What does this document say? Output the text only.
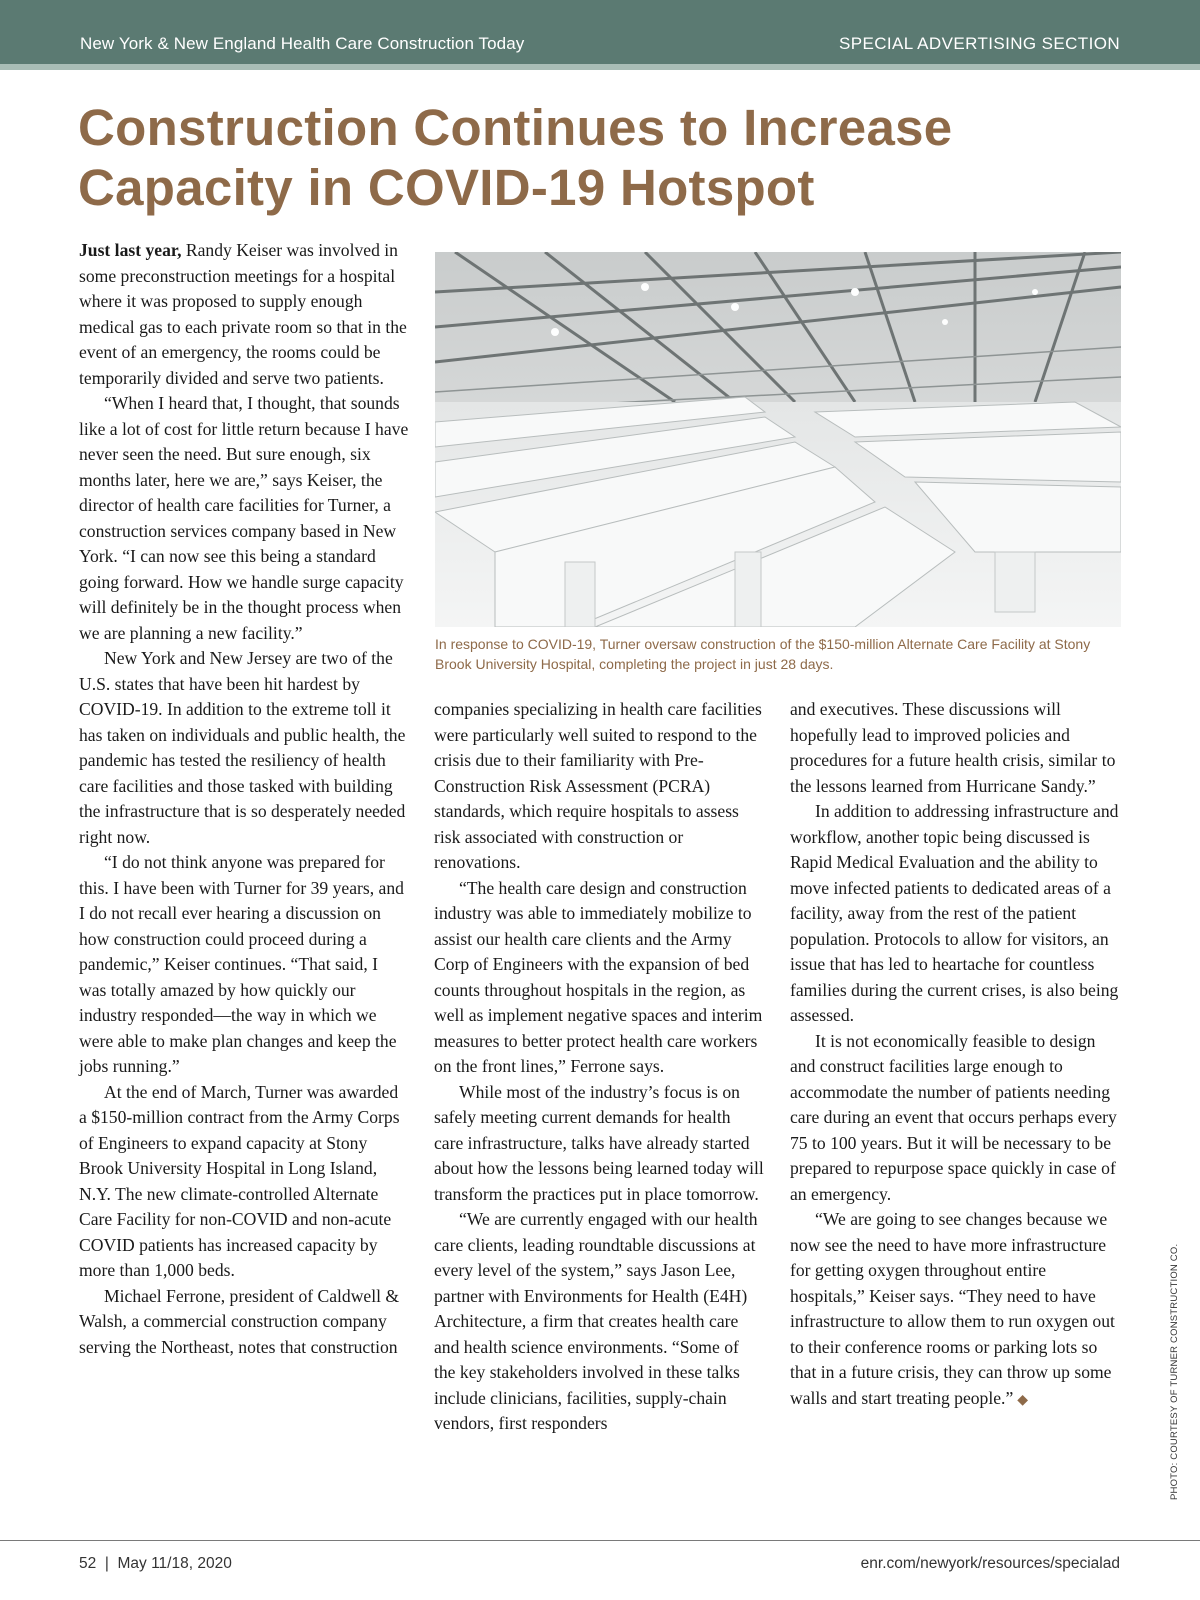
New York & New England Health Care Construction Today	SPECIAL ADVERTISING SECTION
Construction Continues to Increase Capacity in COVID-19 Hotspot

Just last year, Randy Keiser was involved in some preconstruction meetings for a hospital where it was proposed to supply enough medical gas to each private room so that in the event of an emergency, the rooms could be temporarily divided and serve two patients.

“When I heard that, I thought, that sounds like a lot of cost for little return because I have never seen the need. But sure enough, six months later, here we are,” says Keiser, the director of health care facilities for Turner, a construction services company based in New York. “I can now see this being a standard going forward. How we handle surge capacity will definitely be in the thought process when we are planning a new facility.”

New York and New Jersey are two of the U.S. states that have been hit hardest by COVID-19. In addition to the extreme toll it has taken on individuals and public health, the pandemic has tested the resiliency of health care facilities and those tasked with building the infrastructure that is so desperately needed right now.

“I do not think anyone was prepared for this. I have been with Turner for 39 years, and I do not recall ever hearing a discussion on how construction could proceed during a pandemic,” Keiser continues. “That said, I was totally amazed by how quickly our industry responded—the way in which we were able to make plan changes and keep the jobs running.”

At the end of March, Turner was awarded a $150-million contract from the Army Corps of Engineers to expand capacity at Stony Brook University Hospital in Long Island, N.Y. The new climate-controlled Alternate Care Facility for non-COVID and non-acute COVID patients has increased capacity by more than 1,000 beds.

Michael Ferrone, president of Caldwell & Walsh, a commercial construction company serving the Northeast, notes that construction

In response to COVID-19, Turner oversaw construction of the $150-million Alternate Care Facility at Stony Brook University Hospital, completing the project in just 28 days.

companies specializing in health care facilities were particularly well suited to respond to the crisis due to their familiarity with Pre-Construction Risk Assessment (PCRA) standards, which require hospitals to assess risk associated with construction or renovations.

“The health care design and construction industry was able to immediately mobilize to assist our health care clients and the Army Corp of Engineers with the expansion of bed counts throughout hospitals in the region, as well as implement negative spaces and interim measures to better protect health care workers on the front lines,” Ferrone says.

While most of the industry’s focus is on safely meeting current demands for health care infrastructure, talks have already started about how the lessons being learned today will transform the practices put in place tomorrow.

“We are currently engaged with our health care clients, leading roundtable discussions at every level of the system,” says Jason Lee, partner with Environments for Health (E4H) Architecture, a firm that creates health care and health science environments. “Some of the key stakeholders involved in these talks include clinicians, facilities, supply-chain vendors, first responders

and executives. These discussions will hopefully lead to improved policies and procedures for a future health crisis, similar to the lessons learned from Hurricane Sandy.”

In addition to addressing infrastructure and workflow, another topic being discussed is Rapid Medical Evaluation and the ability to move infected patients to dedicated areas of a facility, away from the rest of the patient population. Protocols to allow for visitors, an issue that has led to heartache for countless families during the current crises, is also being assessed.

It is not economically feasible to design and construct facilities large enough to accommodate the number of patients needing care during an event that occurs perhaps every 75 to 100 years. But it will be necessary to be prepared to repurpose space quickly in case of an emergency.

“We are going to see changes because we now see the need to have more infrastructure for getting oxygen throughout entire hospitals,” Keiser says. “They need to have infrastructure to allow them to run oxygen out to their conference rooms or parking lots so that in a future crisis, they can throw up some walls and start treating people.” ◆	PHOTO: COURTESY OF TURNER CONSTRUCTION CO.
52  |  May 11/18, 2020	enr.com/newyork/resources/specialad
